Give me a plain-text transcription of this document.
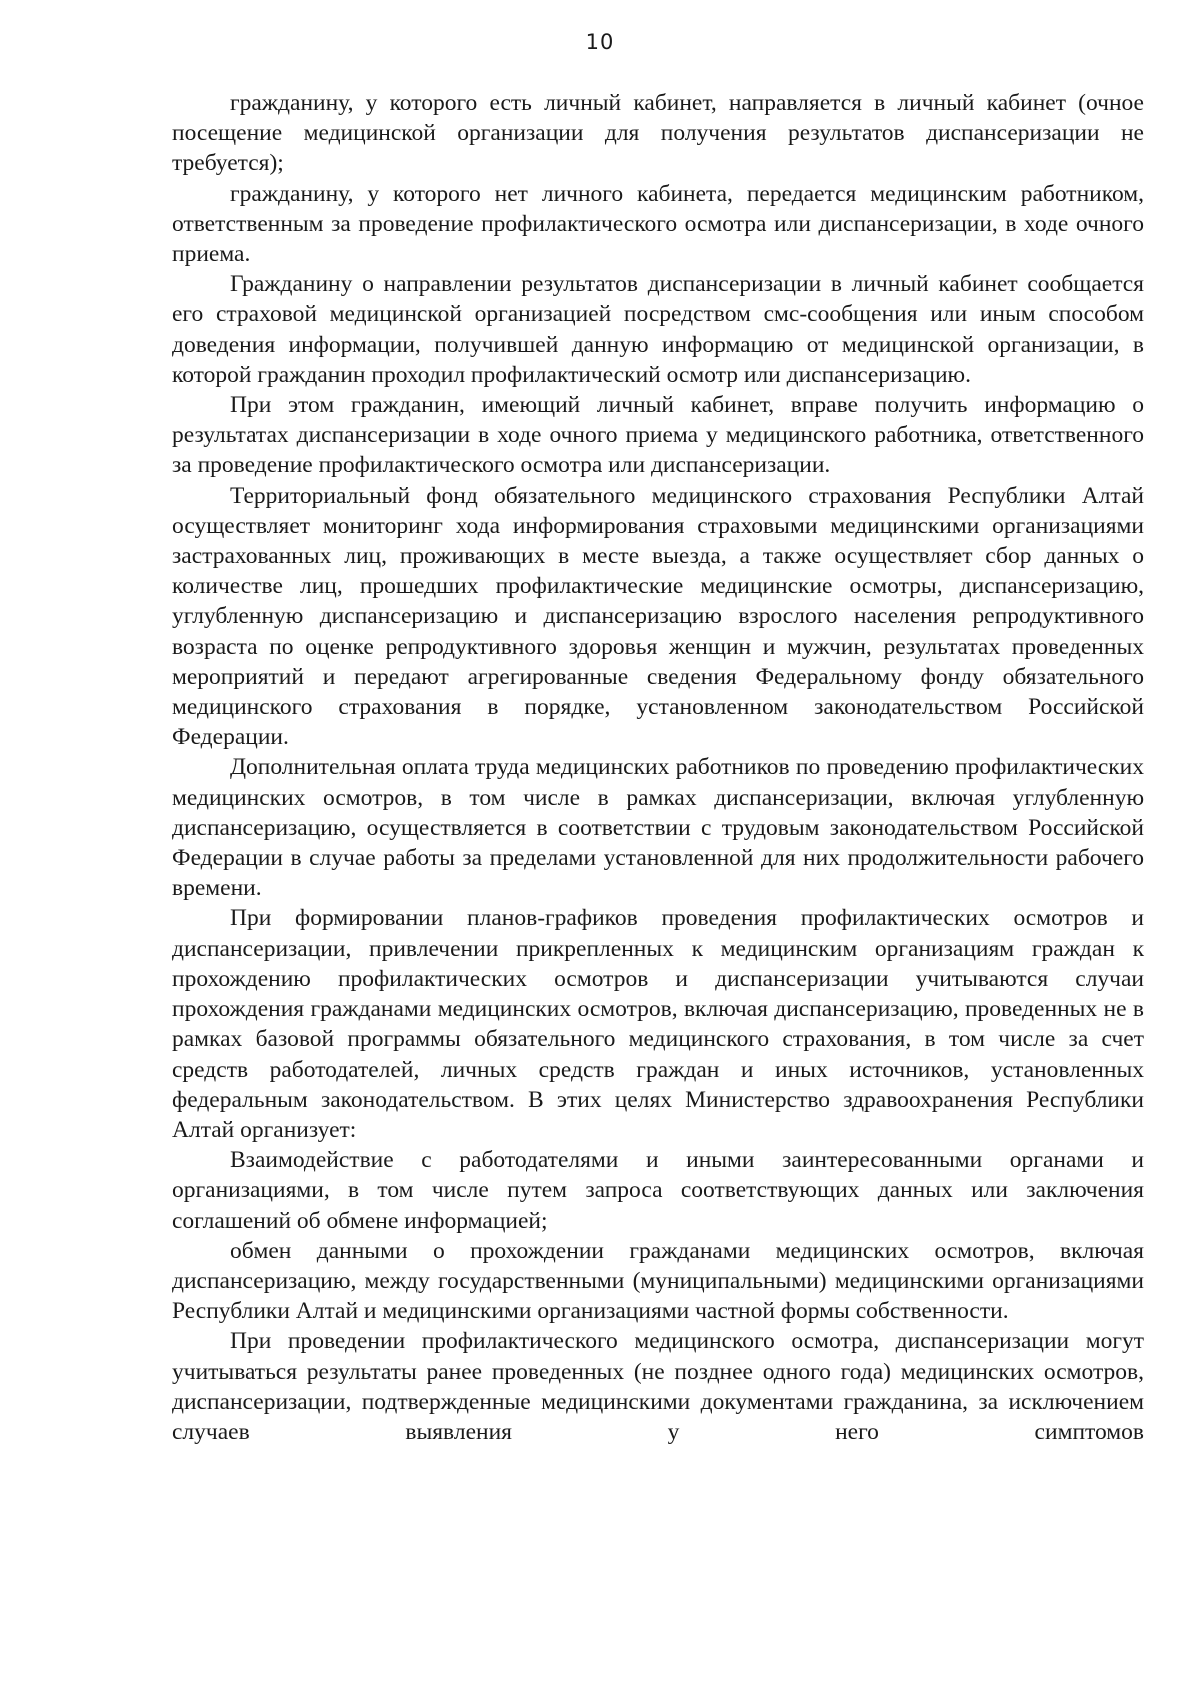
10

гражданину, у которого есть личный кабинет, направляется в личный кабинет (очное посещение медицинской организации для получения результатов диспансеризации не требуется);

гражданину, у которого нет личного кабинета, передается медицинским работником, ответственным за проведение профилактического осмотра или диспансеризации, в ходе очного приема.

Гражданину о направлении результатов диспансеризации в личный кабинет сообщается его страховой медицинской организацией посредством смс-сообщения или иным способом доведения информации, получившей данную информацию от медицинской организации, в которой гражданин проходил профилактический осмотр или диспансеризацию.

При этом гражданин, имеющий личный кабинет, вправе получить информацию о результатах диспансеризации в ходе очного приема у медицинского работника, ответственного за проведение профилактического осмотра или диспансеризации.

Территориальный фонд обязательного медицинского страхования Республики Алтай осуществляет мониторинг хода информирования страховыми медицинскими организациями застрахованных лиц, проживающих в месте выезда, а также осуществляет сбор данных о количестве лиц, прошедших профилактические медицинские осмотры, диспансеризацию, углубленную диспансеризацию и диспансеризацию взрослого населения репродуктивного возраста по оценке репродуктивного здоровья женщин и мужчин, результатах проведенных мероприятий и передают агрегированные сведения Федеральному фонду обязательного медицинского страхования в порядке, установленном законодательством Российской Федерации.

Дополнительная оплата труда медицинских работников по проведению профилактических медицинских осмотров, в том числе в рамках диспансеризации, включая углубленную диспансеризацию, осуществляется в соответствии с трудовым законодательством Российской Федерации в случае работы за пределами установленной для них продолжительности рабочего времени.

При формировании планов-графиков проведения профилактических осмотров и диспансеризации, привлечении прикрепленных к медицинским организациям граждан к прохождению профилактических осмотров и диспансеризации учитываются случаи прохождения гражданами медицинских осмотров, включая диспансеризацию, проведенных не в рамках базовой программы обязательного медицинского страхования, в том числе за счет средств работодателей, личных средств граждан и иных источников, установленных федеральным законодательством. В этих целях Министерство здравоохранения Республики Алтай организует:

Взаимодействие с работодателями и иными заинтересованными органами и организациями, в том числе путем запроса соответствующих данных или заключения соглашений об обмене информацией;

обмен данными о прохождении гражданами медицинских осмотров, включая диспансеризацию, между государственными (муниципальными) медицинскими организациями Республики Алтай и медицинскими организациями частной формы собственности.

При проведении профилактического медицинского осмотра, диспансеризации могут учитываться результаты ранее проведенных (не позднее одного года) медицинских осмотров, диспансеризации, подтвержденные медицинскими документами гражданина, за исключением случаев выявления у него симптомов
